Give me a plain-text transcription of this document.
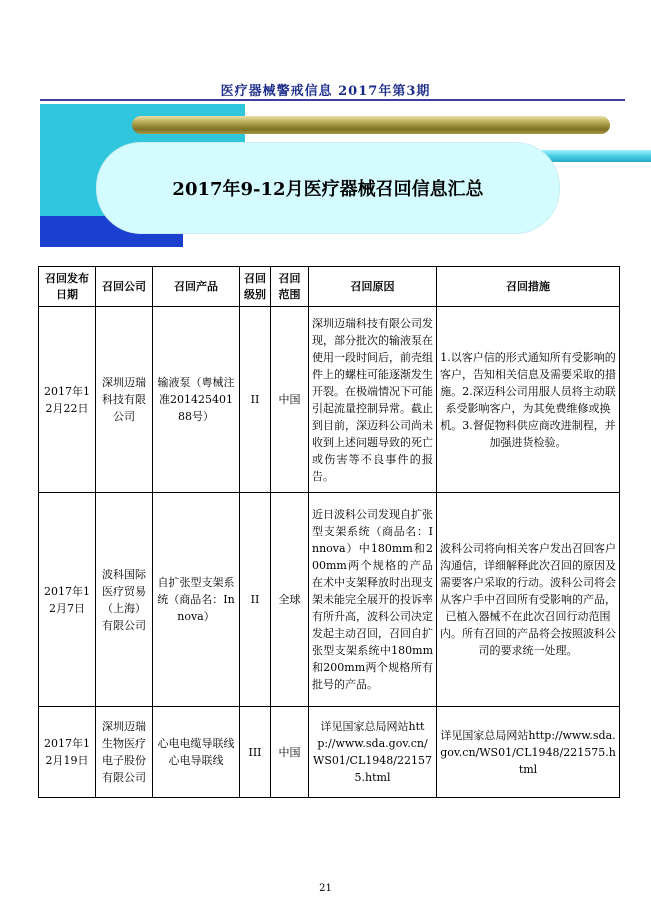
医疗器械警戒信息 2017年第3期
2017年9-12月医疗器械召回信息汇总
召回发布日期	召回公司	召回产品	召回级别	召回范围	召回原因	召回措施
2017年12月22日	深圳迈瑞科技有限公司	输液泵（粤械注准20142540188号）	II	中国	深圳迈瑞科技有限公司发现，部分批次的输液泵在使用一段时间后，前壳组件上的螺柱可能逐渐发生开裂。在极端情况下可能引起流量控制异常。截止到目前，深迈科公司尚未收到上述问题导致的死亡或伤害等不良事件的报告。	1.以客户信的形式通知所有受影响的客户，告知相关信息及需要采取的措施。2.深迈科公司用服人员将主动联系受影响客户，为其免费维修或换机。3.督促物料供应商改进制程，并加强进货检验。
2017年12月7日	波科国际医疗贸易（上海）有限公司	自扩张型支架系统（商品名：Innova）	II	全球	近日波科公司发现自扩张型支架系统（商品名：Innova）中180mm和200mm两个规格的产品在术中支架释放时出现支架未能完全展开的投诉率有所升高，波科公司决定发起主动召回，召回自扩张型支架系统中180mm和200mm两个规格所有批号的产品。	波科公司将向相关客户发出召回客户沟通信，详细解释此次召回的原因及需要客户采取的行动。波科公司将会从客户手中召回所有受影响的产品，已植入器械不在此次召回行动范围内。所有召回的产品将会按照波科公司的要求统一处理。
2017年12月19日	深圳迈瑞生物医疗电子股份有限公司	心电电缆导联线 心电导联线	III	中国	详见国家总局网站http://www.sda.gov.cn/WS01/CL1948/221575.html	详见国家总局网站http://www.sda.gov.cn/WS01/CL1948/221575.html
21
